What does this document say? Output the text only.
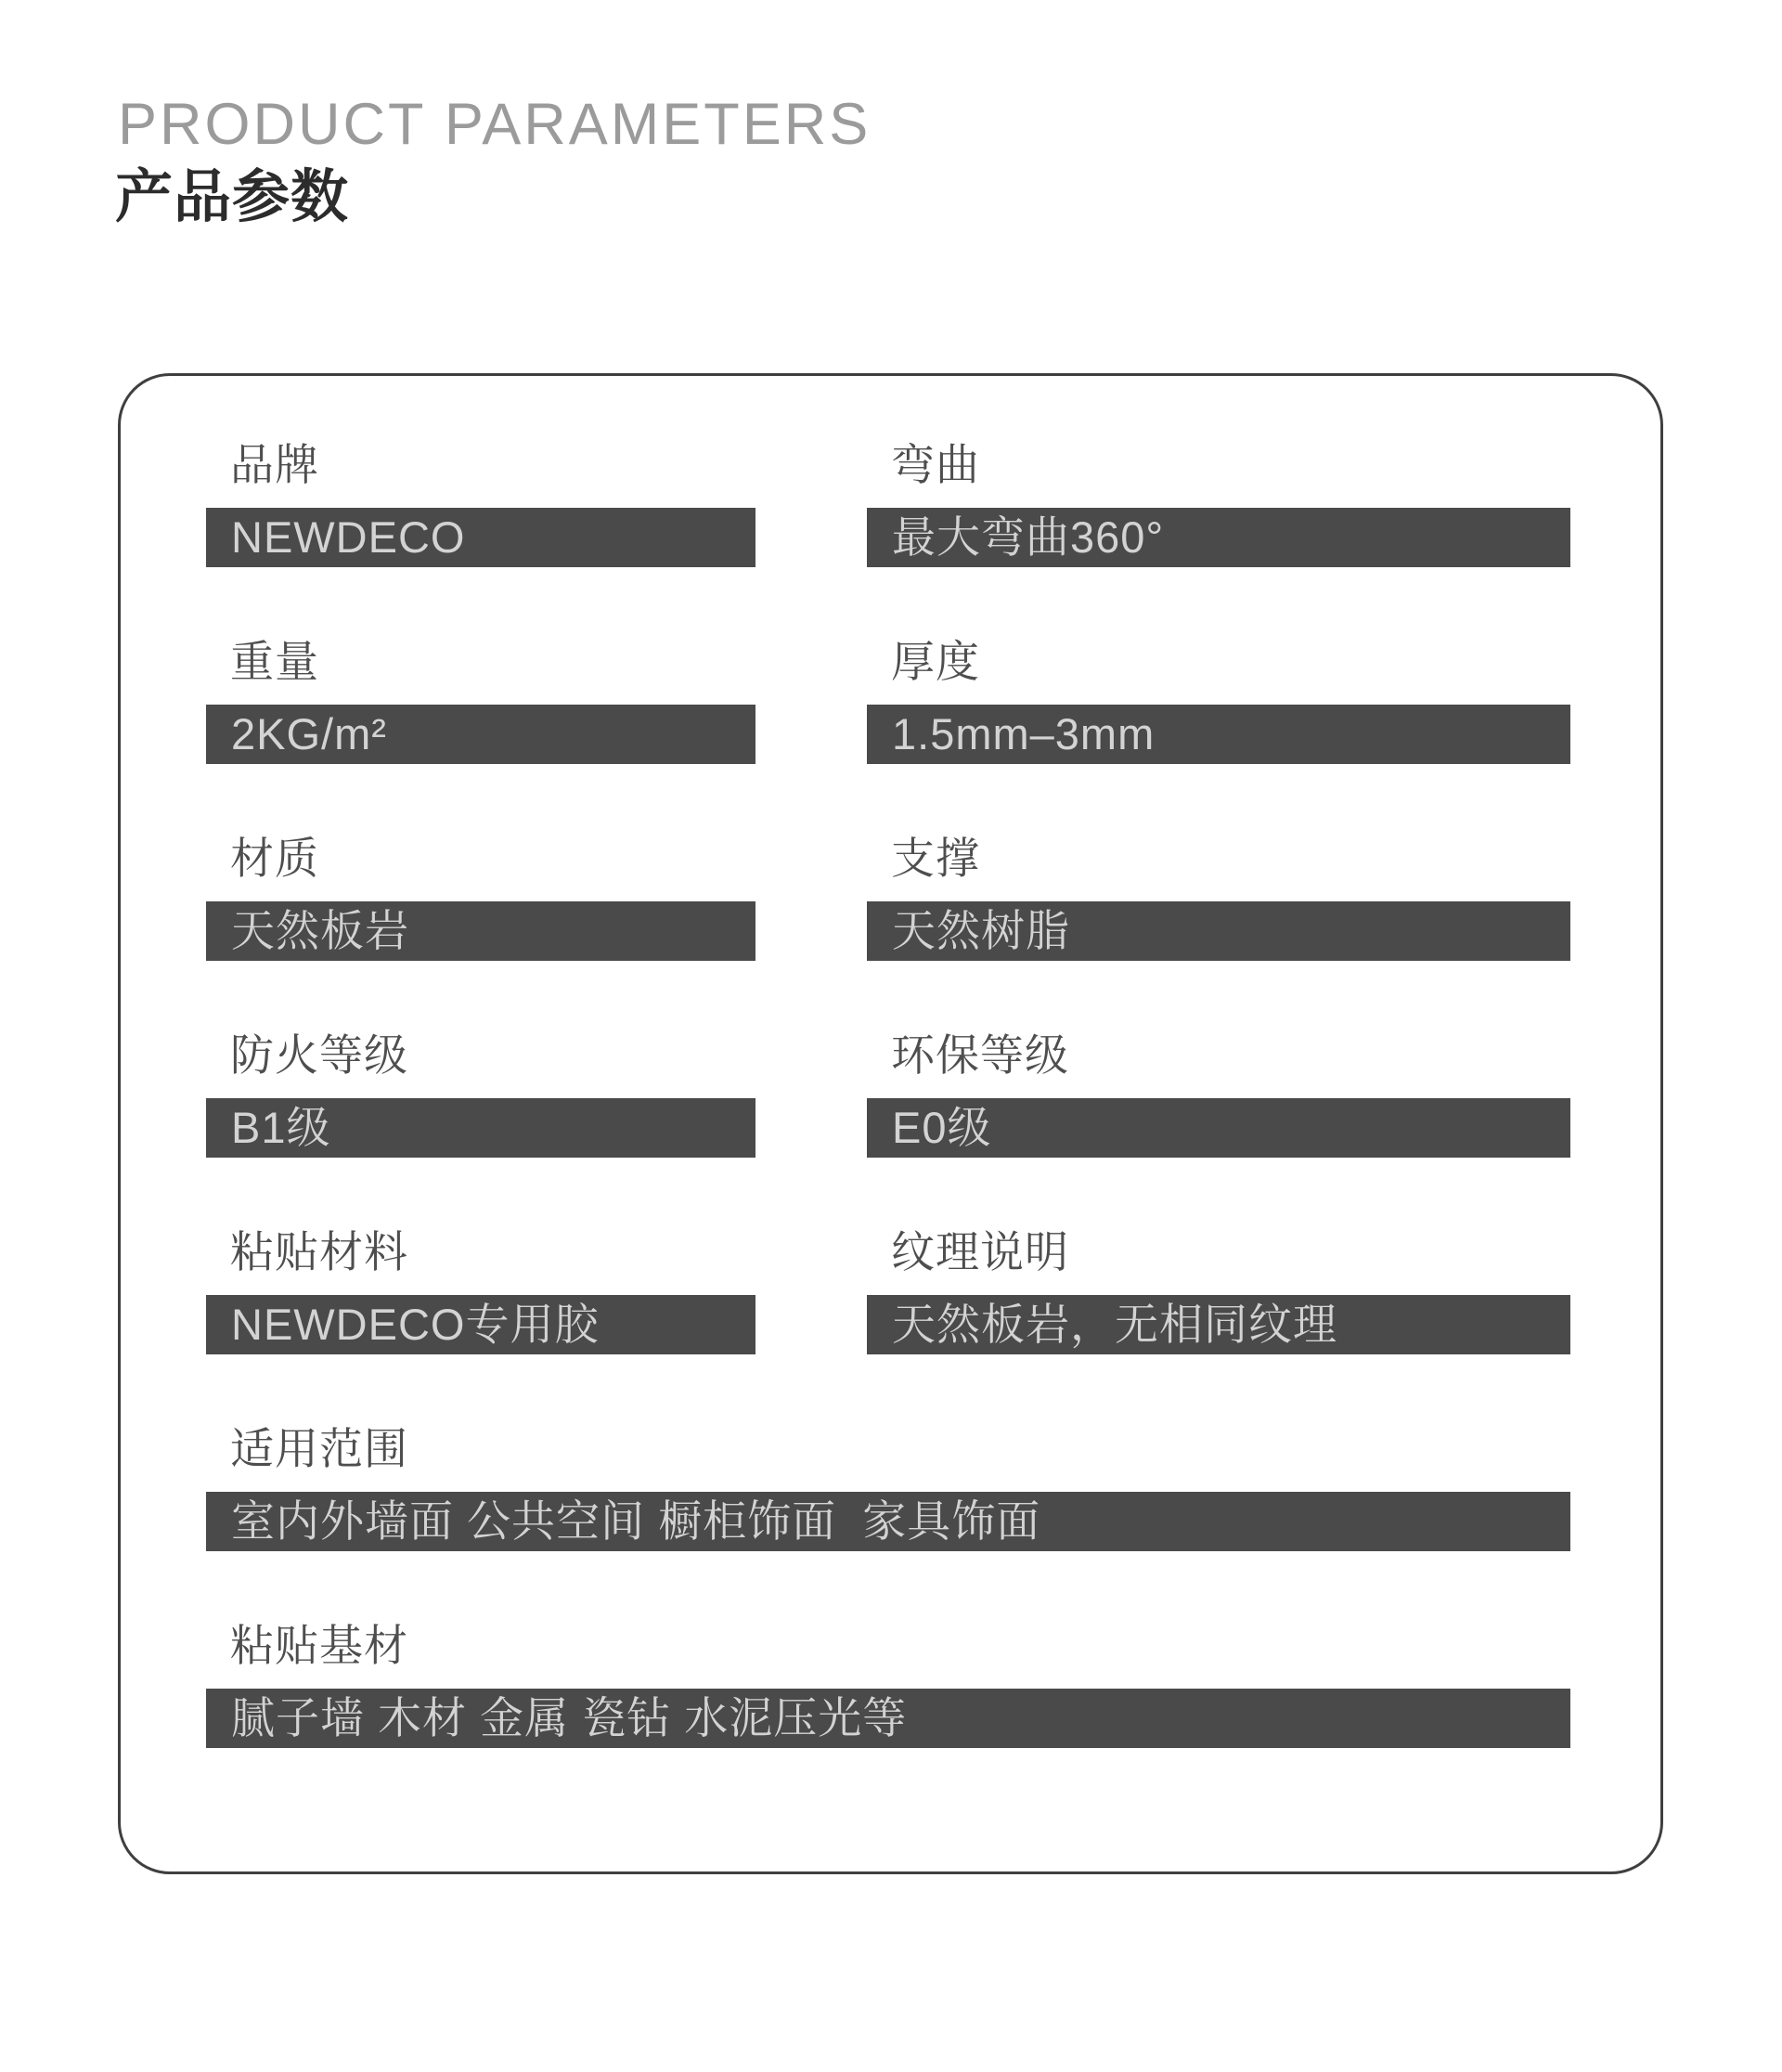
PRODUCT PARAMETERS
产品参数
品牌
NEWDECO
弯曲
最大弯曲360°
重量
2KG/m²
厚度
1.5mm–3mm
材质
天然板岩
支撑
天然树脂
防火等级
B1级
环保等级
E0级
粘贴材料
NEWDECO专用胶
纹理说明
天然板岩，无相同纹理
适用范围
室内外墙面 公共空间 橱柜饰面  家具饰面
粘贴基材
腻子墙 木材 金属 瓷钻 水泥压光等
